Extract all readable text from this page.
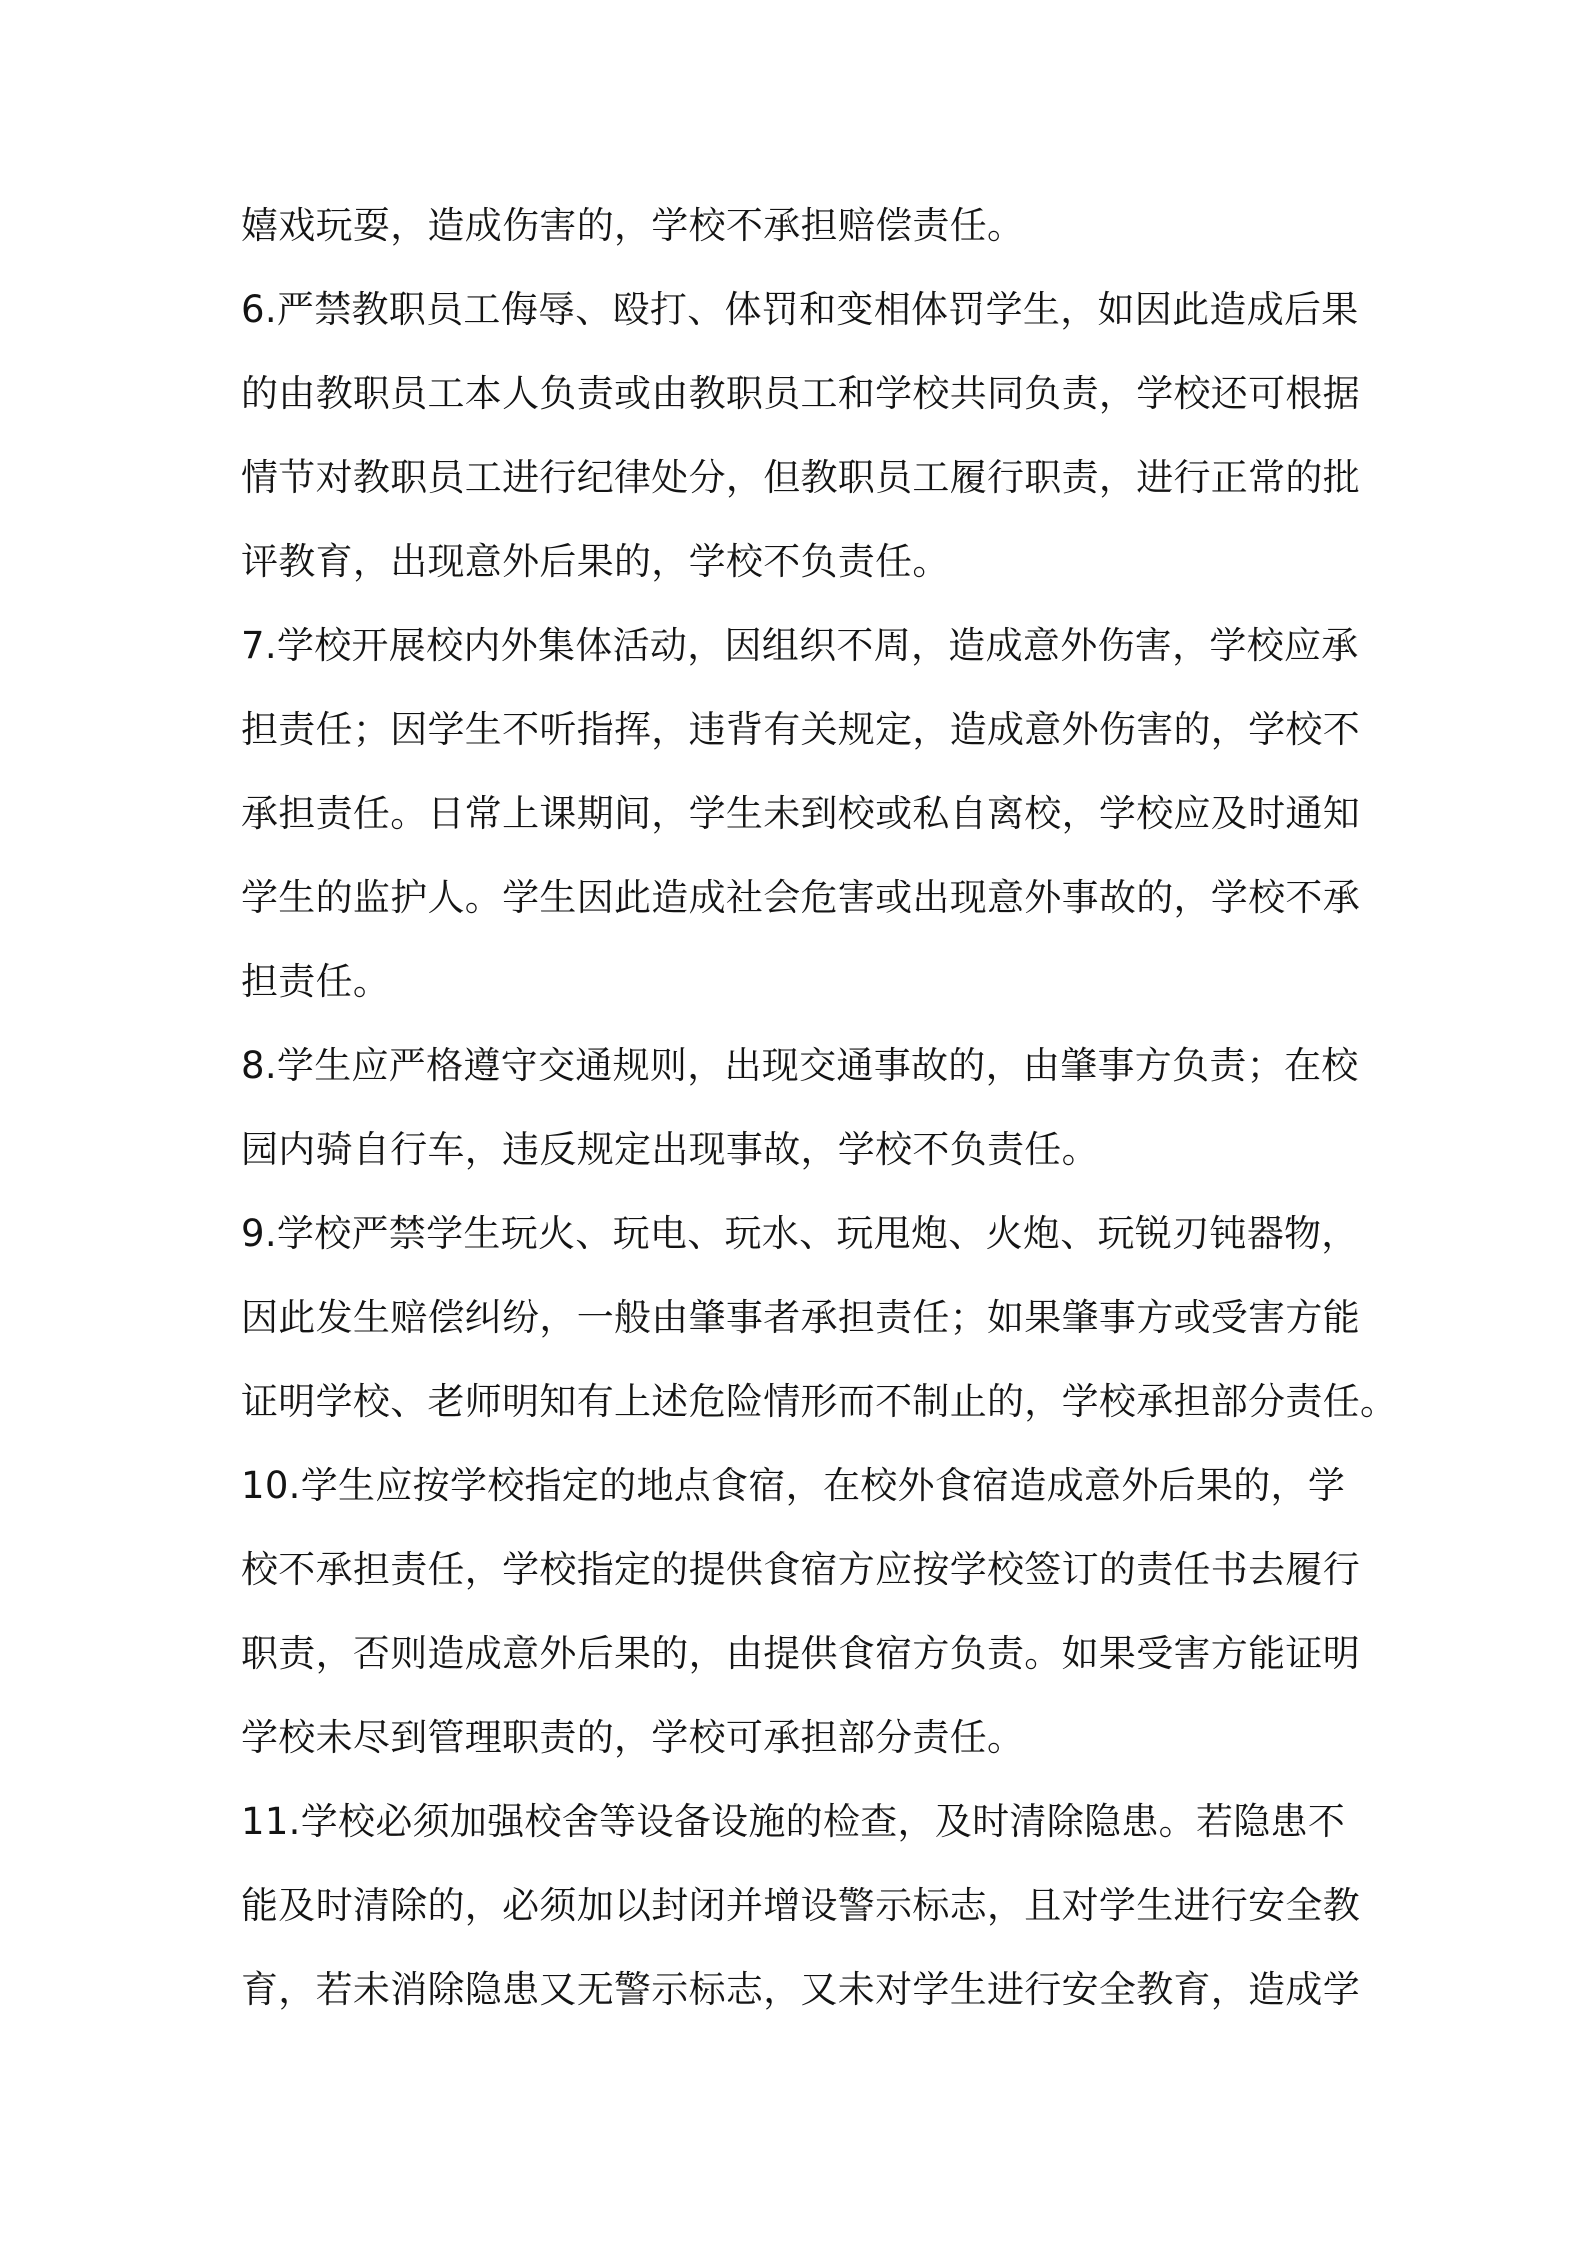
嬉戏玩耍，造成伤害的，学校不承担赔偿责任。
6.严禁教职员工侮辱、殴打、体罚和变相体罚学生，如因此造成后果
的由教职员工本人负责或由教职员工和学校共同负责，学校还可根据
情节对教职员工进行纪律处分，但教职员工履行职责，进行正常的批
评教育，出现意外后果的，学校不负责任。
7.学校开展校内外集体活动，因组织不周，造成意外伤害，学校应承
担责任；因学生不听指挥，违背有关规定，造成意外伤害的，学校不
承担责任。日常上课期间，学生未到校或私自离校，学校应及时通知
学生的监护人。学生因此造成社会危害或出现意外事故的，学校不承
担责任。
8.学生应严格遵守交通规则，出现交通事故的，由肇事方负责；在校
园内骑自行车，违反规定出现事故，学校不负责任。
9.学校严禁学生玩火、玩电、玩水、玩甩炮、火炮、玩锐刃钝器物，
因此发生赔偿纠纷，一般由肇事者承担责任；如果肇事方或受害方能
证明学校、老师明知有上述危险情形而不制止的，学校承担部分责任。
10.学生应按学校指定的地点食宿，在校外食宿造成意外后果的，学
校不承担责任，学校指定的提供食宿方应按学校签订的责任书去履行
职责，否则造成意外后果的，由提供食宿方负责。如果受害方能证明
学校未尽到管理职责的，学校可承担部分责任。
11.学校必须加强校舍等设备设施的检查，及时清除隐患。若隐患不
能及时清除的，必须加以封闭并增设警示标志，且对学生进行安全教
育，若未消除隐患又无警示标志，又未对学生进行安全教育，造成学
